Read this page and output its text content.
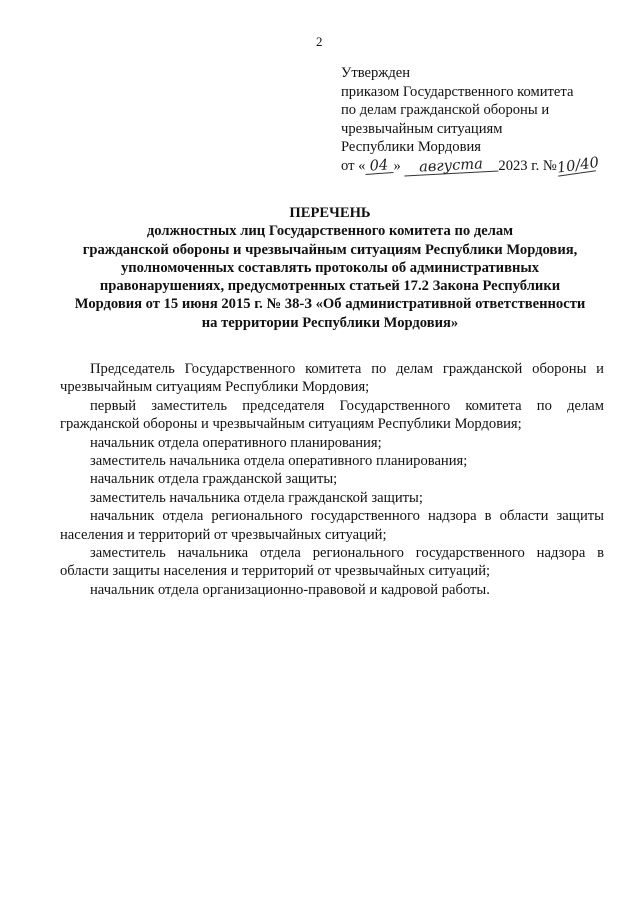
2
Утвержден
приказом Государственного комитета
по делам гражданской обороны и
чрезвычайным ситуациям
Республики Мордовия
от « 04 » августа 2023 г. №10/40
ПЕРЕЧЕНЬ
должностных лиц Государственного комитета по делам
гражданской обороны и чрезвычайным ситуациям Республики Мордовия,
уполномоченных составлять протоколы об административных
правонарушениях, предусмотренных статьей 17.2 Закона Республики
Мордовия от 15 июня 2015 г. № 38-З «Об административной ответственности
на территории Республики Мордовия»

Председатель Государственного комитета по делам гражданской обороны и чрезвычайным ситуациям Республики Мордовия;

первый заместитель председателя Государственного комитета по делам гражданской обороны и чрезвычайным ситуациям Республики Мордовия;

начальник отдела оперативного планирования;

заместитель начальника отдела оперативного планирования;

начальник отдела гражданской защиты;

заместитель начальника отдела гражданской защиты;

начальник отдела регионального государственного надзора в области защиты населения и территорий от чрезвычайных ситуаций;

заместитель начальника отдела регионального государственного надзора в области защиты населения и территорий от чрезвычайных ситуаций;

начальник отдела организационно-правовой и кадровой работы.
